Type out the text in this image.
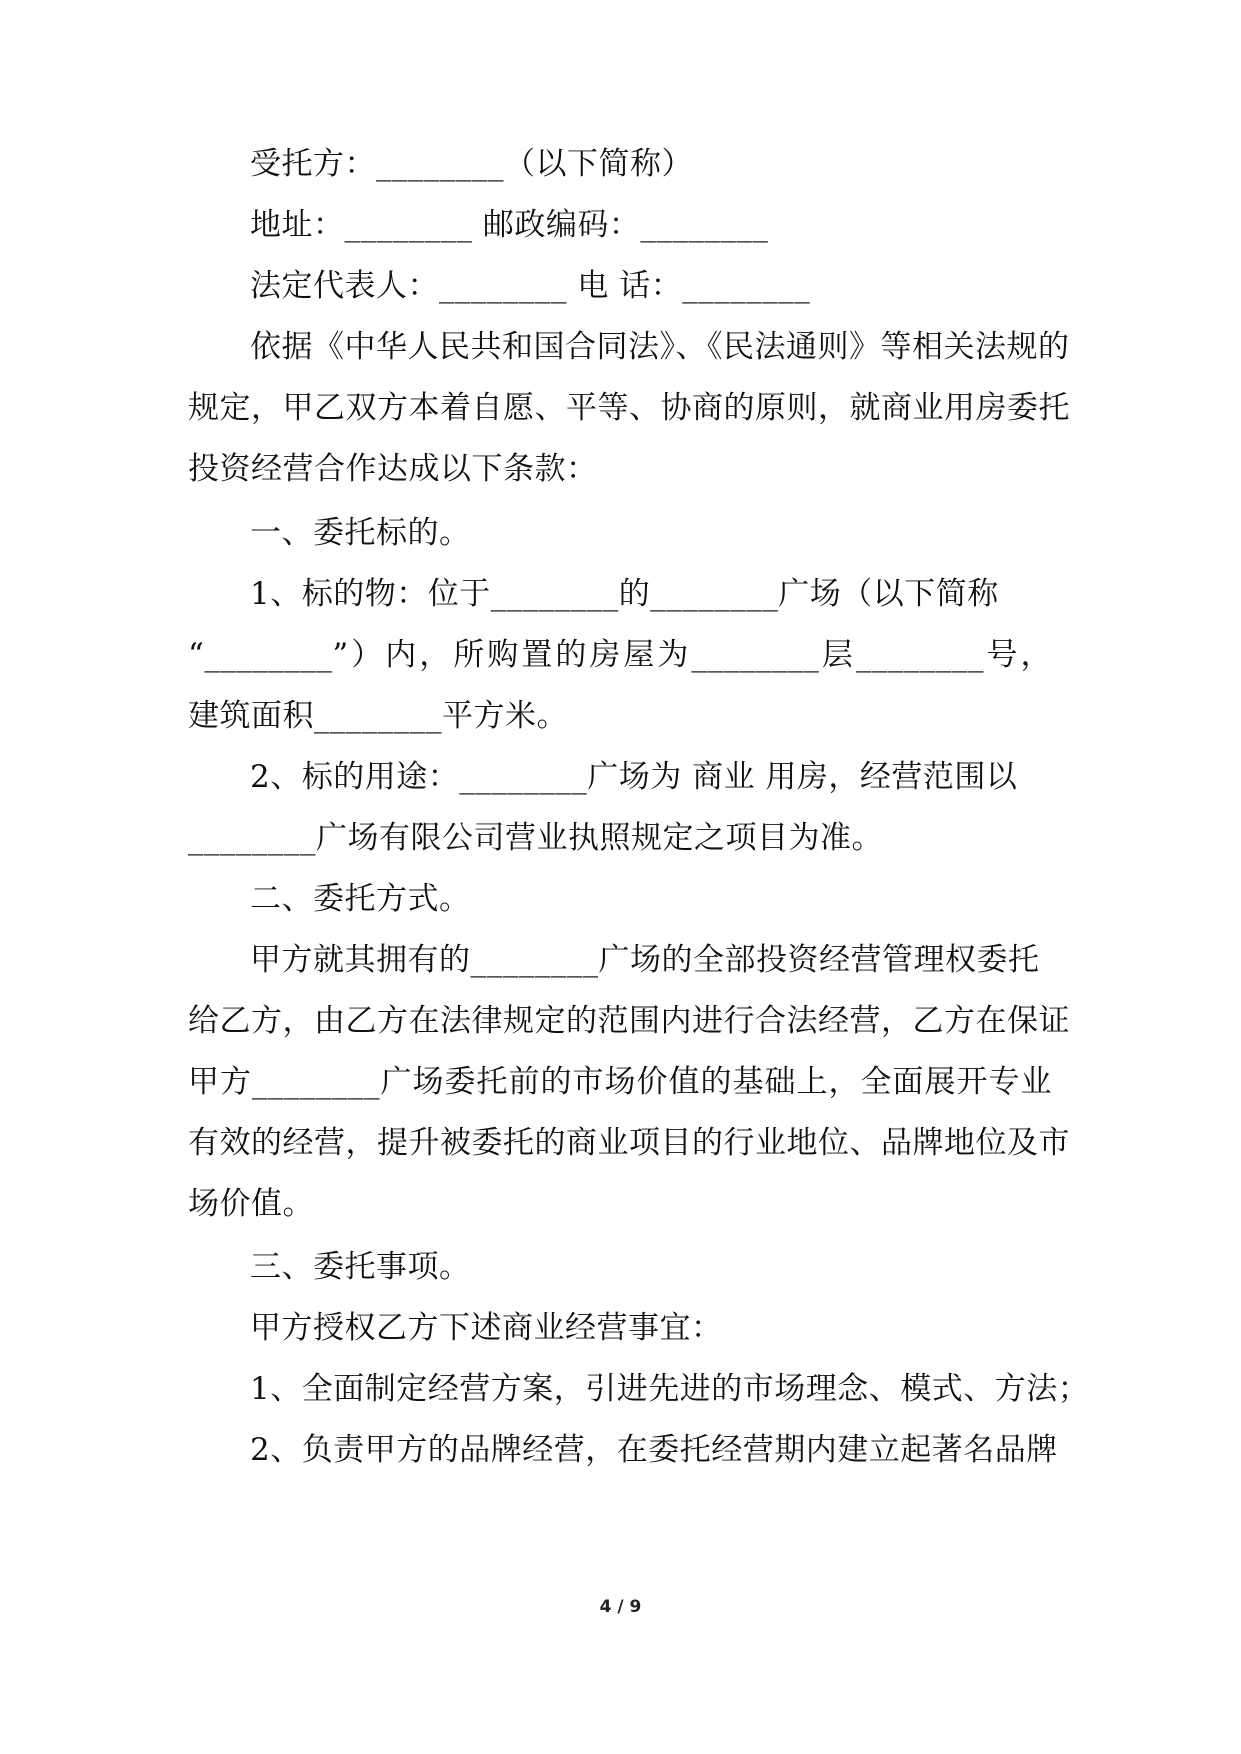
受托方：________（以下简称）
地址：________ 邮政编码：________
法定代表人：________ 电 话：________
依据《中华人民共和国合同法》、《民法通则》等相关法规的
规定，甲乙双方本着自愿、平等、协商的原则，就商业用房委托
投资经营合作达成以下条款：
一、委托标的。
1、标的物：位于________的________广场（以下简称
“________”）内，所购置的房屋为________层________号，
建筑面积________平方米。
2、标的用途：________广场为 商业 用房，经营范围以
________广场有限公司营业执照规定之项目为准。
二、委托方式。
甲方就其拥有的________广场的全部投资经营管理权委托
给乙方，由乙方在法律规定的范围内进行合法经营，乙方在保证
甲方________广场委托前的市场价值的基础上，全面展开专业
有效的经营，提升被委托的商业项目的行业地位、品牌地位及市
场价值。
三、委托事项。
甲方授权乙方下述商业经营事宜：
1、全面制定经营方案，引进先进的市场理念、模式、方法；
2、负责甲方的品牌经营，在委托经营期内建立起著名品牌
4 / 9
